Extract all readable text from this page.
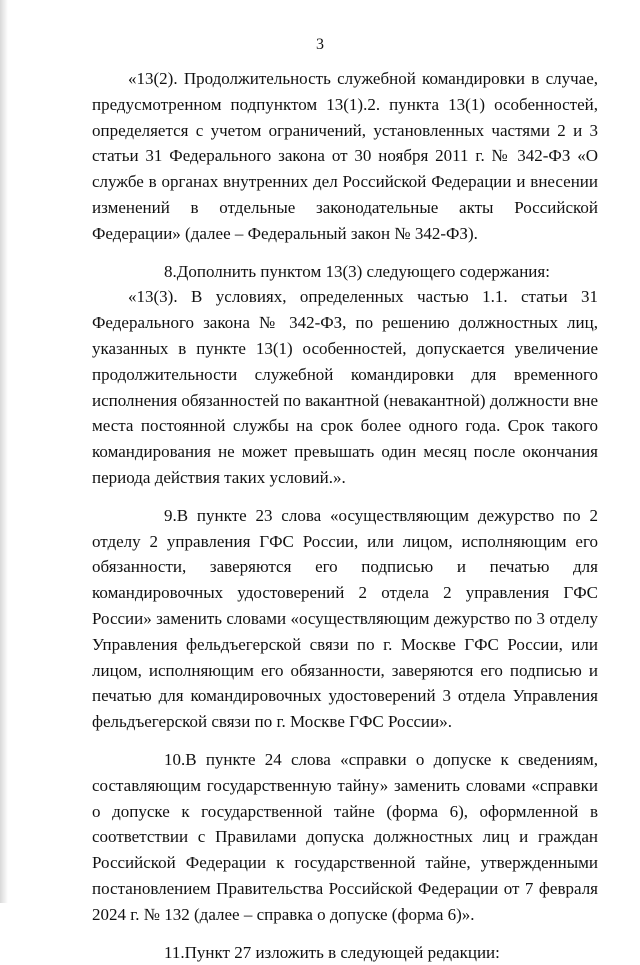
3

«13(2). Продолжительность служебной командировки в случае, предусмотренном подпунктом 13(1).2. пункта 13(1) особенностей, определяется с учетом ограничений, установленных частями 2 и 3 статьи 31 Федерального закона от 30 ноября 2011 г. № 342-ФЗ «О службе в органах внутренних дел Российской Федерации и внесении изменений в отдельные законодательные акты Российской Федерации» (далее – Федеральный закон № 342-ФЗ).

8.Дополнить пунктом 13(3) следующего содержания:

«13(3). В условиях, определенных частью 1.1. статьи 31 Федерального закона № 342-ФЗ, по решению должностных лиц, указанных в пункте 13(1) особенностей, допускается увеличение продолжительности служебной командировки для временного исполнения обязанностей по вакантной (невакантной) должности вне места постоянной службы на срок более одного года. Срок такого командирования не может превышать один месяц после окончания периода действия таких условий.».

9.В пункте 23 слова «осуществляющим дежурство по 2 отделу 2 управления ГФС России, или лицом, исполняющим его обязанности, заверяются его подписью и печатью для командировочных удостоверений 2 отдела 2 управления ГФС России» заменить словами «осуществляющим дежурство по 3 отделу Управления фельдъегерской связи по г. Москве ГФС России, или лицом, исполняющим его обязанности, заверяются его подписью и печатью для командировочных удостоверений 3 отдела Управления фельдъегерской связи по г. Москве ГФС России».

10.В пункте 24 слова «справки о допуске к сведениям, составляющим государственную тайну» заменить словами «справки о допуске к государственной тайне (форма 6), оформленной в соответствии с Правилами допуска должностных лиц и граждан Российской Федерации к государственной тайне, утвержденными постановлением Правительства Российской Федерации от 7 февраля 2024 г. № 132 (далее – справка о допуске (форма 6)».

11.Пункт 27 изложить в следующей редакции:
